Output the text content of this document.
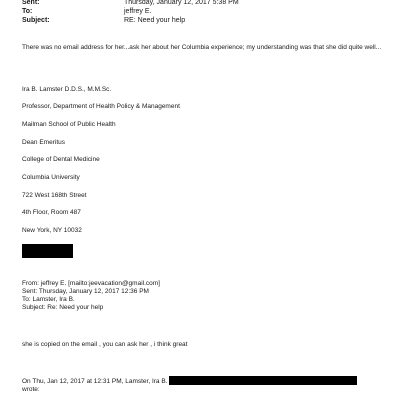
Sent:	Thursday, January 12, 2017 5:38 PM
To:	jeffrey E.
Subject:	RE: Need your help
There was no email address for her...ask her about her Columbia experience; my understanding was that she did quite well...
Ira B. Lamster D.D.S., M.M.Sc.
Professor, Department of Health Policy & Management
Mailman School of Public Health
Dean Emeritus
College of Dental Medicine
Columbia University
722 West 168th Street
4th Floor, Room 487
New York, NY 10032
From: jeffrey E. [mailto:jeevacation@gmail.com]
Sent: Thursday, January 12, 2017 12:36 PM
To: Lamster, Ira B.
Subject: Re: Need your help
she is copied on the email , you can ask her , i think great
On Thu, Jan 12, 2017 at 12:31 PM, Lamster, Ira B.
wrote:
